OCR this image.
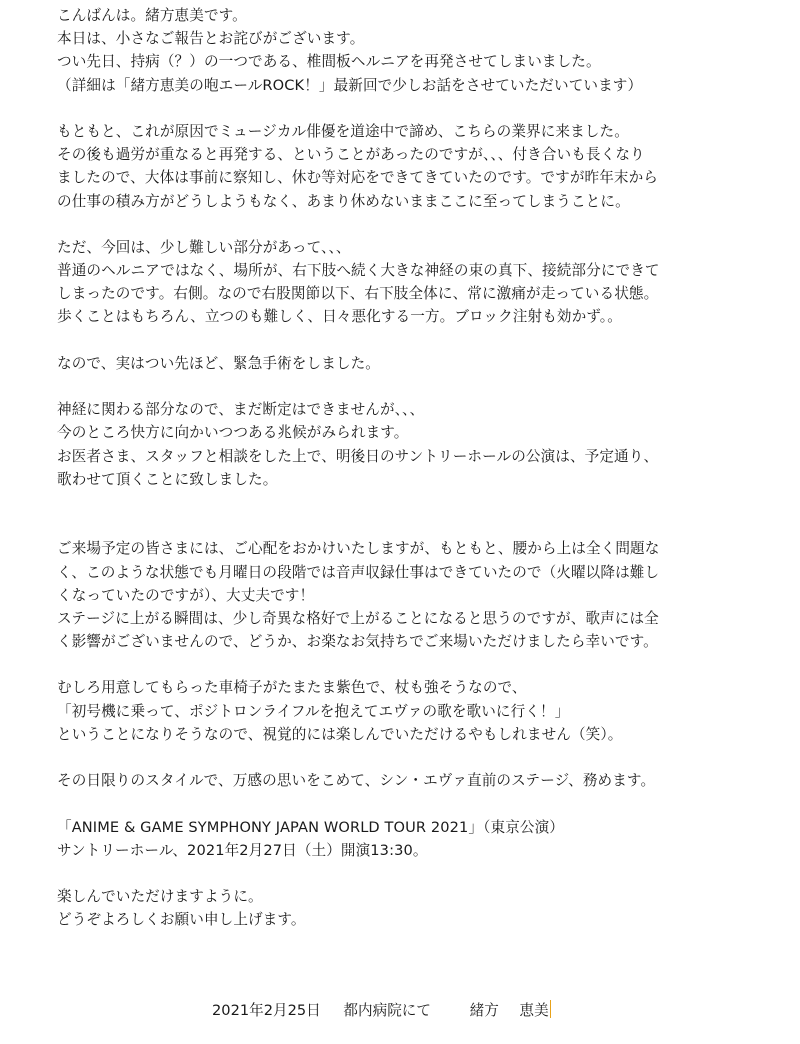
こんばんは。緒方恵美です。
本日は、小さなご報告とお詫びがございます。
つい先日、持病（？）の一つである、椎間板ヘルニアを再発させてしまいました。
（詳細は「緒方恵美の咆エールROCK！」最新回で少しお話をさせていただいています）
もともと、これが原因でミュージカル俳優を道途中で諦め、こちらの業界に来ました。
その後も過労が重なると再発する、ということがあったのですが、、、付き合いも長くなり
ましたので、大体は事前に察知し、休む等対応をできてきていたのです。ですが昨年末から
の仕事の積み方がどうしようもなく、あまり休めないままここに至ってしまうことに。
ただ、今回は、少し難しい部分があって、、、
普通のヘルニアではなく、場所が、右下肢へ続く大きな神経の束の真下、接続部分にできて
しまったのです。右側。なので右股関節以下、右下肢全体に、常に激痛が走っている状態。
歩くことはもちろん、立つのも難しく、日々悪化する一方。ブロック注射も効かず。。
なので、実はつい先ほど、緊急手術をしました。
神経に関わる部分なので、まだ断定はできませんが、、、
今のところ快方に向かいつつある兆候がみられます。
お医者さま、スタッフと相談をした上で、明後日のサントリーホールの公演は、予定通り、
歌わせて頂くことに致しました。
ご来場予定の皆さまには、ご心配をおかけいたしますが、もともと、腰から上は全く問題な
く、このような状態でも月曜日の段階では音声収録仕事はできていたので（火曜以降は難し
くなっていたのですが）、大丈夫です！
ステージに上がる瞬間は、少し奇異な格好で上がることになると思うのですが、歌声には全
く影響がございませんので、どうか、お楽なお気持ちでご来場いただけましたら幸いです。
むしろ用意してもらった車椅子がたまたま紫色で、杖も強そうなので、
「初号機に乗って、ポジトロンライフルを抱えてエヴァの歌を歌いに行く！」
ということになりそうなので、視覚的には楽しんでいただけるやもしれません（笑）。
その日限りのスタイルで、万感の思いをこめて、シン・エヴァ直前のステージ、務めます。
「ANIME & GAME SYMPHONY JAPAN WORLD TOUR 2021」（東京公演）
サントリーホール、2021年2月27日（土）開演13:30。
楽しんでいただけますように。
どうぞよろしくお願い申し上げます。
2021年2月25日 都内病院にて	緒方 恵美
